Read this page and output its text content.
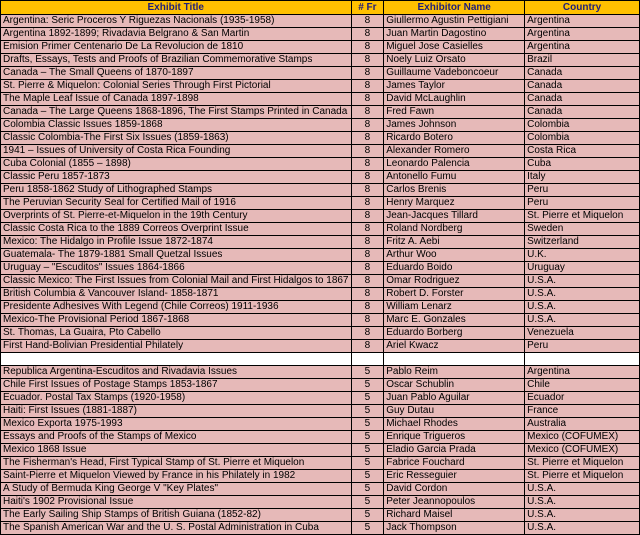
Exhibit Title	# Fr	Exhibitor Name	Country
Argentina: Seric Proceros Y Riguezas Nacionals (1935-1958)	8	Giullermo Agustin Pettigiani	Argentina
Argentina 1892-1899; Rivadavia Belgrano & San Martin	8	Juan Martin Dagostino	Argentina
Emision Primer Centenario De La Revolucion de 1810	8	Miguel Jose Casielles	Argentina
Drafts, Essays, Tests and Proofs of Brazilian Commemorative Stamps	8	Noely Luiz Orsato	Brazil
Canada – The Small Queens of 1870-1897	8	Guillaume Vadeboncoeur	Canada
St. Pierre & Miquelon: Colonial Series Through First Pictorial	8	James Taylor	Canada
The Maple Leaf Issue of Canada 1897-1898	8	David McLaughlin	Canada
Canada – The Large Queens 1868-1896, The First Stamps Printed in Canada	8	Fred Fawn	Canada
Colombia Classic Issues 1859-1868	8	James Johnson	Colombia
Classic Colombia-The First Six Issues (1859-1863)	8	Ricardo Botero	Colombia
1941 – Issues of University of Costa Rica Founding	8	Alexander Romero	Costa Rica
Cuba Colonial (1855 – 1898)	8	Leonardo Palencia	Cuba
Classic Peru 1857-1873	8	Antonello Fumu	Italy
Peru 1858-1862 Study of Lithographed Stamps	8	Carlos Brenis	Peru
The Peruvian Security Seal for Certified Mail of 1916	8	Henry Marquez	Peru
Overprints of St. Pierre-et-Miquelon in the 19th Century	8	Jean-Jacques Tillard	St. Pierre et Miquelon
Classic Costa Rica to the 1889 Correos Overprint Issue	8	Roland Nordberg	Sweden
Mexico: The Hidalgo in Profile Issue 1872-1874	8	Fritz A. Aebi	Switzerland
Guatemala- The 1879-1881 Small Quetzal Issues	8	Arthur Woo	U.K.
Uruguay – "Escuditos" Issues 1864-1866	8	Eduardo Boido	Uruguay
Classic Mexico: The First Issues from Colonial Mail and First Hidalgos to 1867	8	Omar Rodriguez	U.S.A.
British Columbia & Vancouver Island- 1858-1871	8	Robert D. Forster	U.S.A.
Presidente Adhesives With Legend (Chile Correos) 1911-1936	8	William Lenarz	U.S.A.
Mexico-The Provisional Period 1867-1868	8	Marc E. Gonzales	U.S.A.
St. Thomas, La Guaira, Pto Cabello	8	Eduardo Borberg	Venezuela
First Hand-Bolivian Presidential Philately	8	Ariel Kwacz	Peru

Republica Argentina-Escuditos and Rivadavia Issues	5	Pablo Reim	Argentina
Chile First Issues of Postage Stamps 1853-1867	5	Oscar Schublin	Chile
Ecuador. Postal Tax Stamps (1920-1958)	5	Juan Pablo Aguilar	Ecuador
Haiti: First Issues (1881-1887)	5	Guy Dutau	France
Mexico Exporta 1975-1993	5	Michael Rhodes	Australia
Essays and Proofs of the Stamps of Mexico	5	Enrique Trigueros	Mexico (COFUMEX)
Mexico 1868 Issue	5	Eladio Garcia Prada	Mexico (COFUMEX)
The Fisherman's Head, First Typical Stamp of St. Pierre et Miquelon	5	Fabrice Fouchard	St. Pierre et Miquelon
Saint-Pierre et Miquelon Viewed by France in his Philately in 1982	5	Eric Resseguier	St. Pierre et Miquelon
A Study of Bermuda King George V "Key Plates"	5	David Cordon	U.S.A.
Haiti's 1902 Provisional Issue	5	Peter Jeannopoulos	U.S.A.
The Early Sailing Ship Stamps of British Guiana (1852-82)	5	Richard Maisel	U.S.A.
The Spanish American War and the U. S. Postal Administration in Cuba	5	Jack Thompson	U.S.A.
